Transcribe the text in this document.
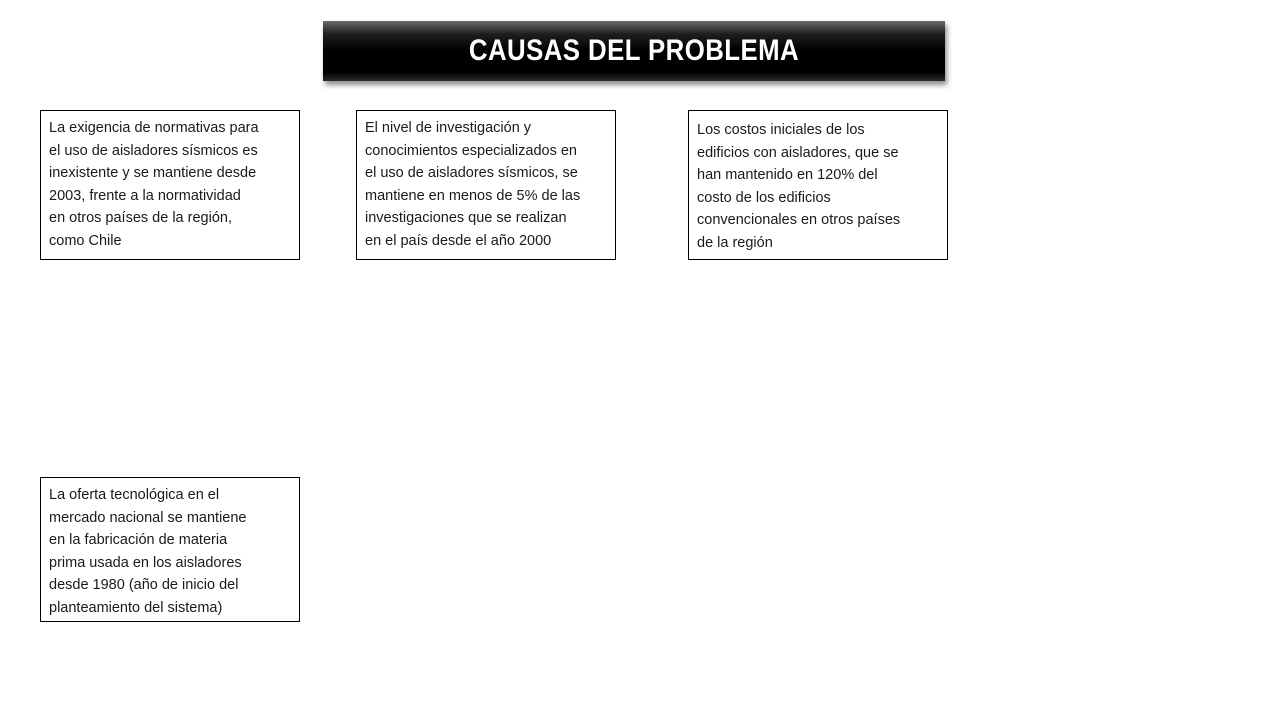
CAUSAS DEL PROBLEMA
La exigencia de normativas para
el uso de aisladores sísmicos es
inexistente y se mantiene desde
2003, frente a la normatividad
en otros países de la región,
como Chile
El nivel de investigación y
conocimientos especializados en
el uso de aisladores sísmicos, se
mantiene en menos de 5% de las
investigaciones que se realizan
en el país desde el año 2000
Los costos iniciales de los
edificios con aisladores, que se
han mantenido en 120% del
costo de los edificios
convencionales en otros países
de la región
La oferta tecnológica en el
mercado nacional se mantiene
en la fabricación de materia
prima usada en los aisladores
desde 1980 (año de inicio del
planteamiento del sistema)
